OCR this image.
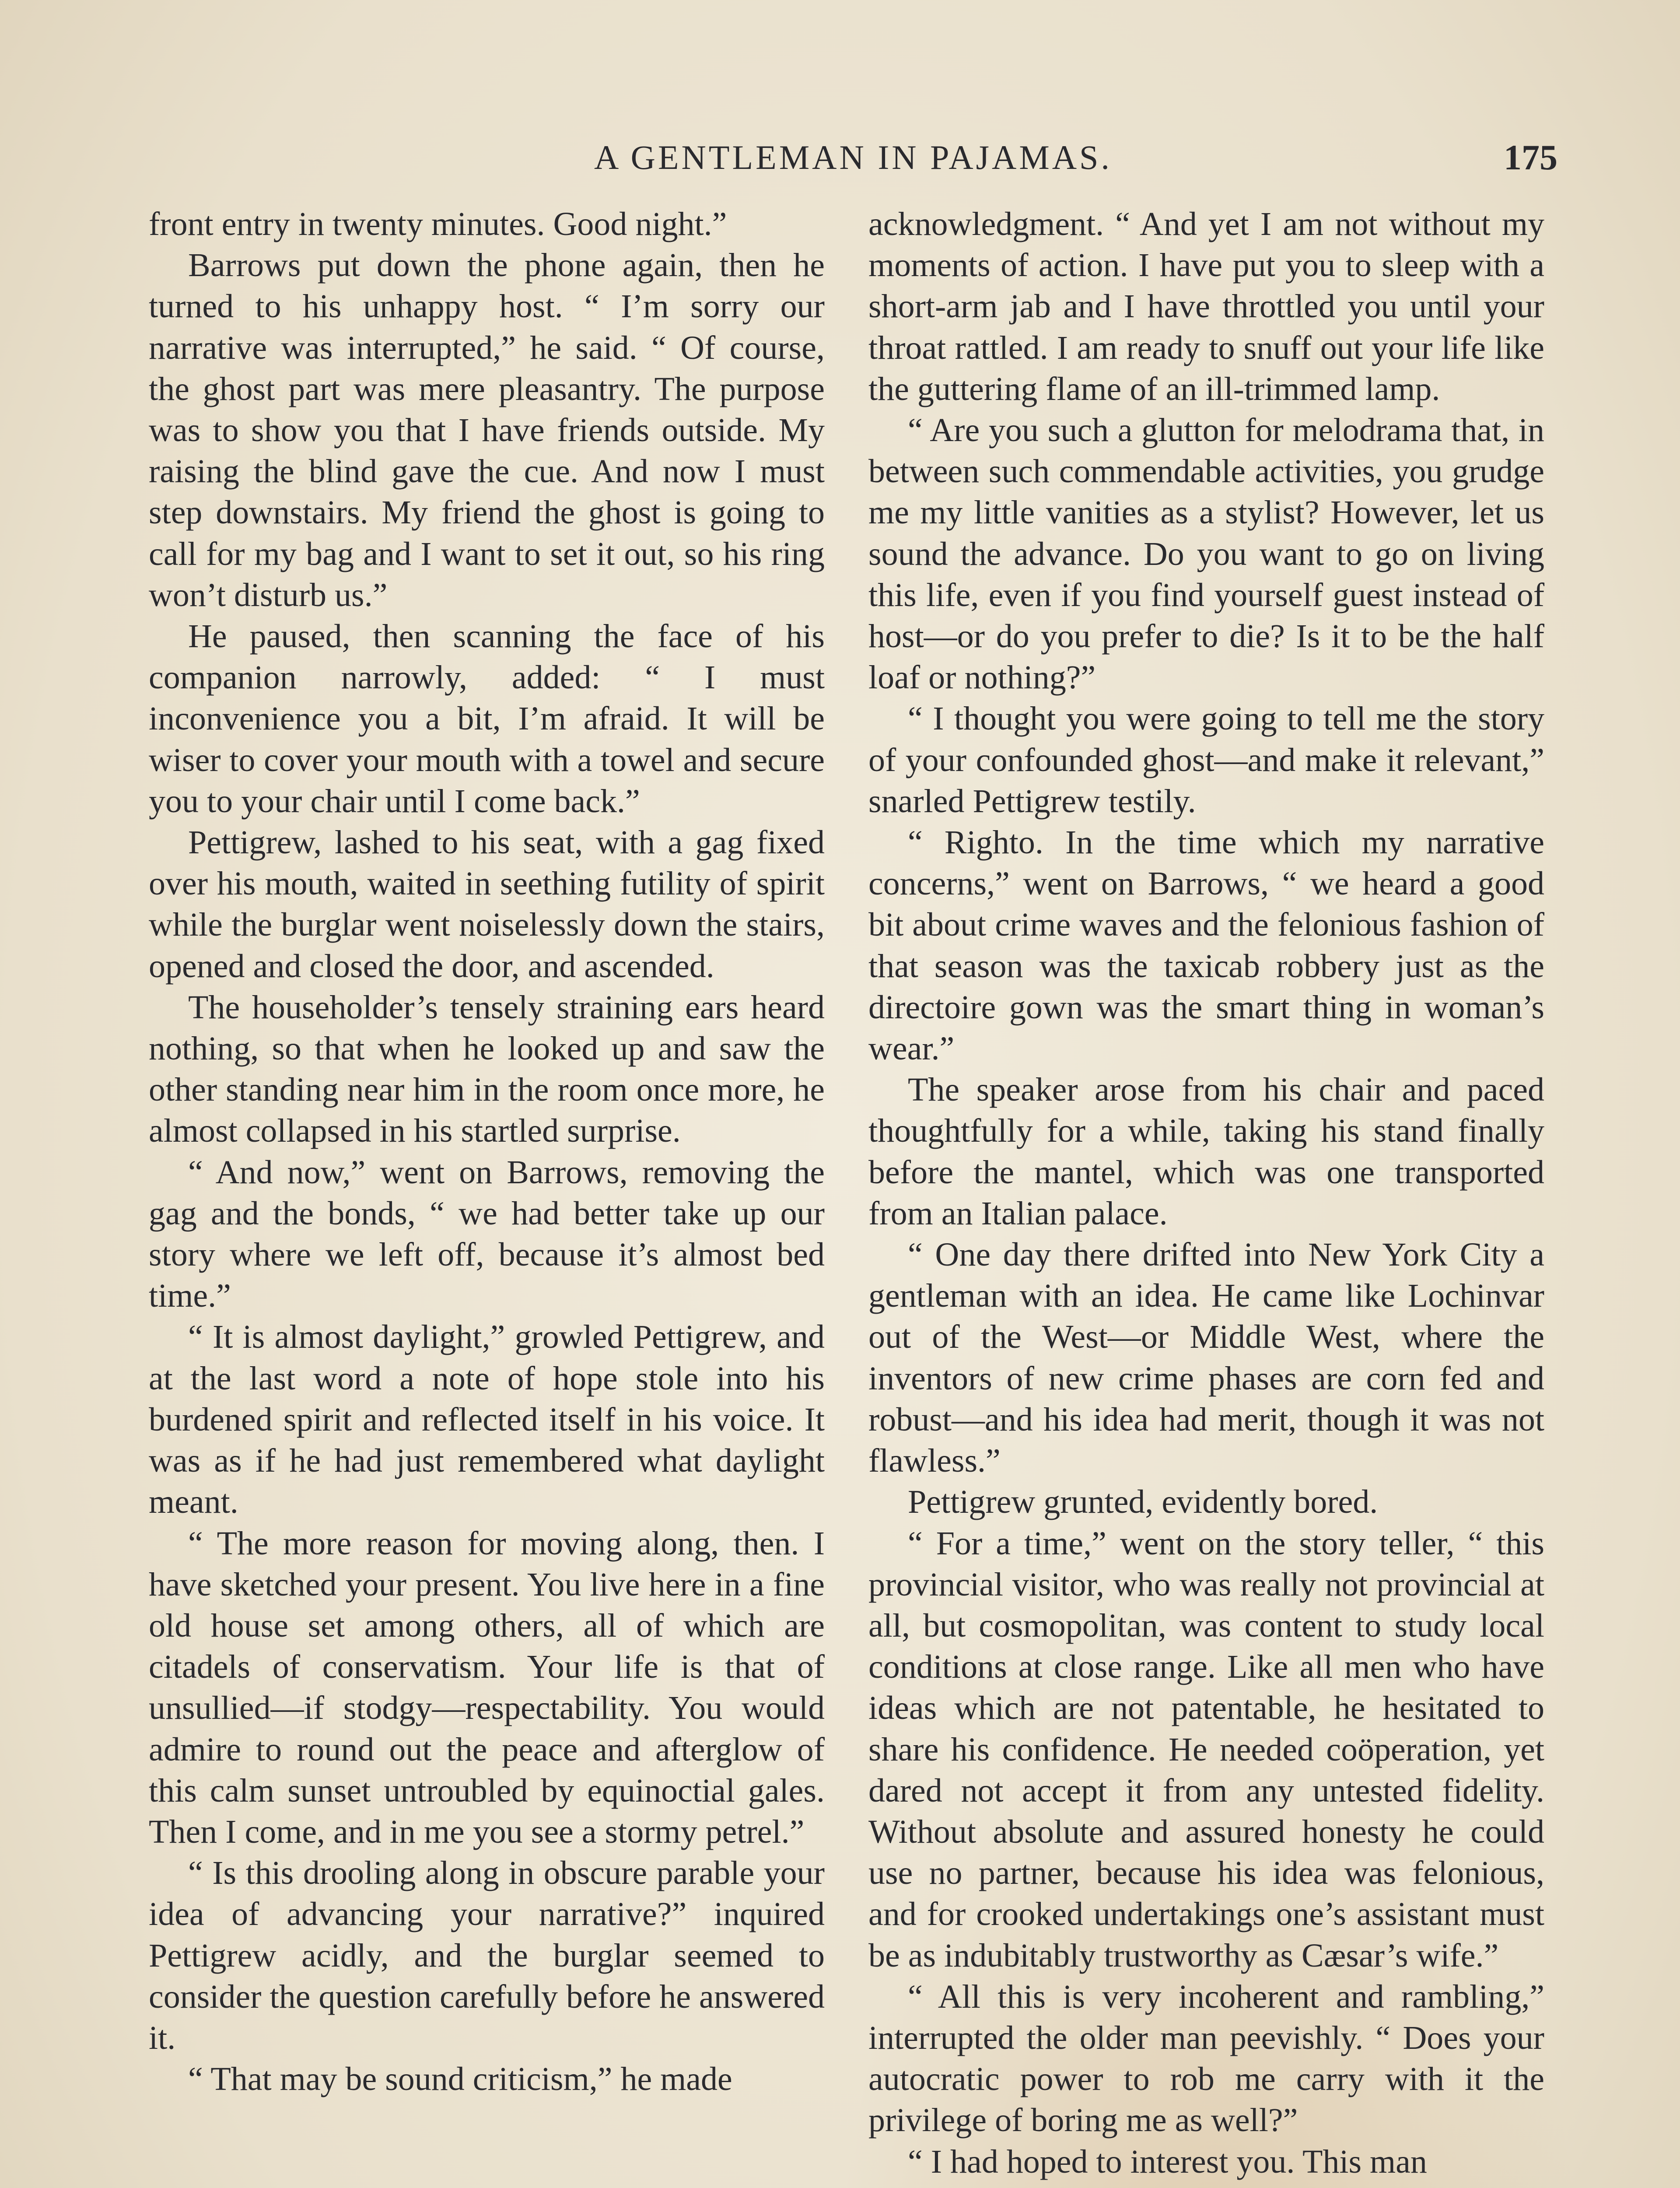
A GENTLEMAN IN PAJAMAS.	175

front entry in twenty minutes. Good night.”

Barrows put down the phone again, then he turned to his unhappy host. “ I’m sorry our narrative was interrupted,” he said. “ Of course, the ghost part was mere pleasantry. The purpose was to show you that I have friends outside. My raising the blind gave the cue. And now I must step downstairs. My friend the ghost is going to call for my bag and I want to set it out, so his ring won’t disturb us.”

He paused, then scanning the face of his companion narrowly, added: “ I must inconvenience you a bit, I’m afraid. It will be wiser to cover your mouth with a towel and secure you to your chair until I come back.”

Pettigrew, lashed to his seat, with a gag fixed over his mouth, waited in seething futility of spirit while the burglar went noiselessly down the stairs, opened and closed the door, and ascended.

The householder’s tensely straining ears heard nothing, so that when he looked up and saw the other standing near him in the room once more, he almost collapsed in his startled surprise.

“ And now,” went on Barrows, removing the gag and the bonds, “ we had better take up our story where we left off, because it’s almost bed time.”

“ It is almost daylight,” growled Pettigrew, and at the last word a note of hope stole into his burdened spirit and reflected itself in his voice. It was as if he had just remembered what daylight meant.

“ The more reason for moving along, then. I have sketched your present. You live here in a fine old house set among others, all of which are citadels of conservatism. Your life is that of unsullied—if stodgy—respectability. You would admire to round out the peace and afterglow of this calm sunset untroubled by equinoctial gales. Then I come, and in me you see a stormy petrel.”

“ Is this drooling along in obscure parable your idea of advancing your narrative?” inquired Pettigrew acidly, and the burglar seemed to consider the question carefully before he answered it.

“ That may be sound criticism,” he made

acknowledgment. “ And yet I am not without my moments of action. I have put you to sleep with a short-arm jab and I have throttled you until your throat rattled. I am ready to snuff out your life like the guttering flame of an ill-trimmed lamp.

“ Are you such a glutton for melodrama that, in between such commendable activities, you grudge me my little vanities as a stylist? However, let us sound the advance. Do you want to go on living this life, even if you find yourself guest instead of host—or do you prefer to die? Is it to be the half loaf or nothing?”

“ I thought you were going to tell me the story of your confounded ghost—and make it relevant,” snarled Pettigrew testily.

“ Righto. In the time which my narrative concerns,” went on Barrows, “ we heard a good bit about crime waves and the felonious fashion of that season was the taxicab robbery just as the directoire gown was the smart thing in woman’s wear.”

The speaker arose from his chair and paced thoughtfully for a while, taking his stand finally before the mantel, which was one transported from an Italian palace.

“ One day there drifted into New York City a gentleman with an idea. He came like Lochinvar out of the West—or Middle West, where the inventors of new crime phases are corn fed and robust—and his idea had merit, though it was not flawless.”

Pettigrew grunted, evidently bored.

“ For a time,” went on the story teller, “ this provincial visitor, who was really not provincial at all, but cosmopolitan, was content to study local conditions at close range. Like all men who have ideas which are not patentable, he hesitated to share his confidence. He needed coöperation, yet dared not accept it from any untested fidelity. Without absolute and assured honesty he could use no partner, because his idea was felonious, and for crooked undertakings one’s assistant must be as indubitably trustworthy as Cæsar’s wife.”

“ All this is very incoherent and rambling,” interrupted the older man peevishly. “ Does your autocratic power to rob me carry with it the privilege of boring me as well?”

“ I had hoped to interest you. This man
